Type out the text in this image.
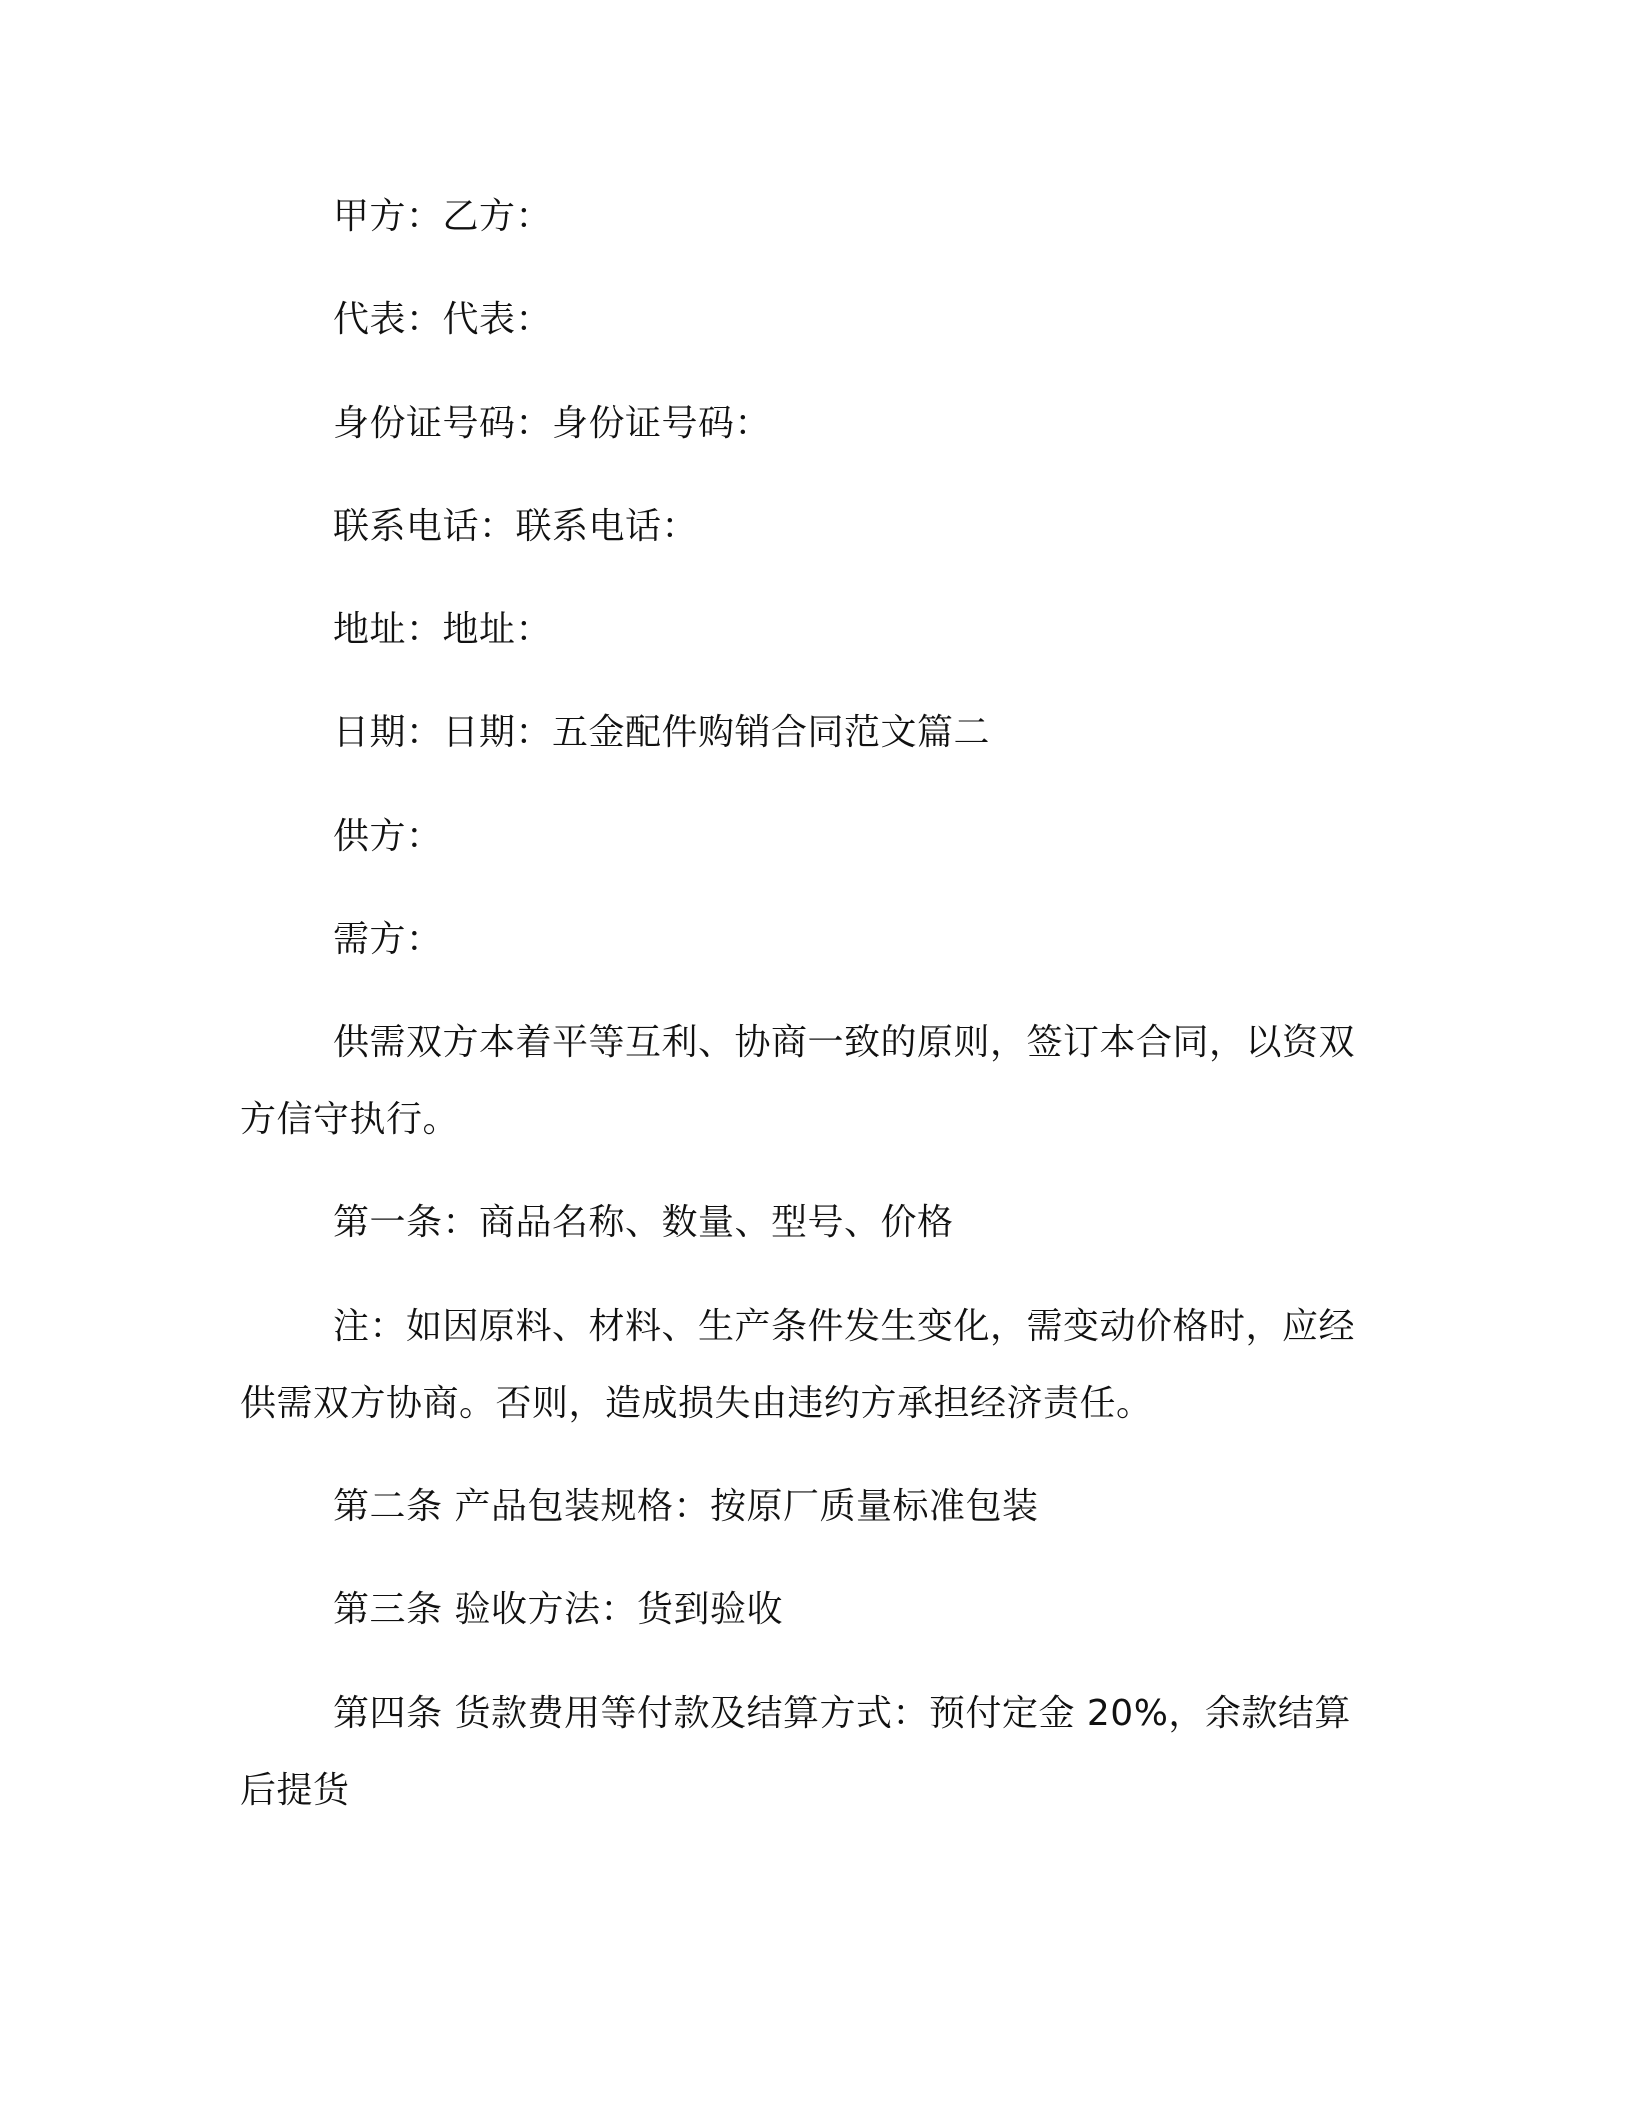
甲方：乙方：
代表：代表：
身份证号码：身份证号码：
联系电话：联系电话：
地址：地址：
日期：日期：五金配件购销合同范文篇二
供方：
需方：
供需双方本着平等互利、协商一致的原则，签订本合同，以资双
方信守执行。
第一条：商品名称、数量、型号、价格
注：如因原料、材料、生产条件发生变化，需变动价格时，应经
供需双方协商。否则，造成损失由违约方承担经济责任。
第二条 产品包装规格：按原厂质量标准包装
第三条 验收方法：货到验收
第四条 货款费用等付款及结算方式：预付定金 20%，余款结算
后提货
